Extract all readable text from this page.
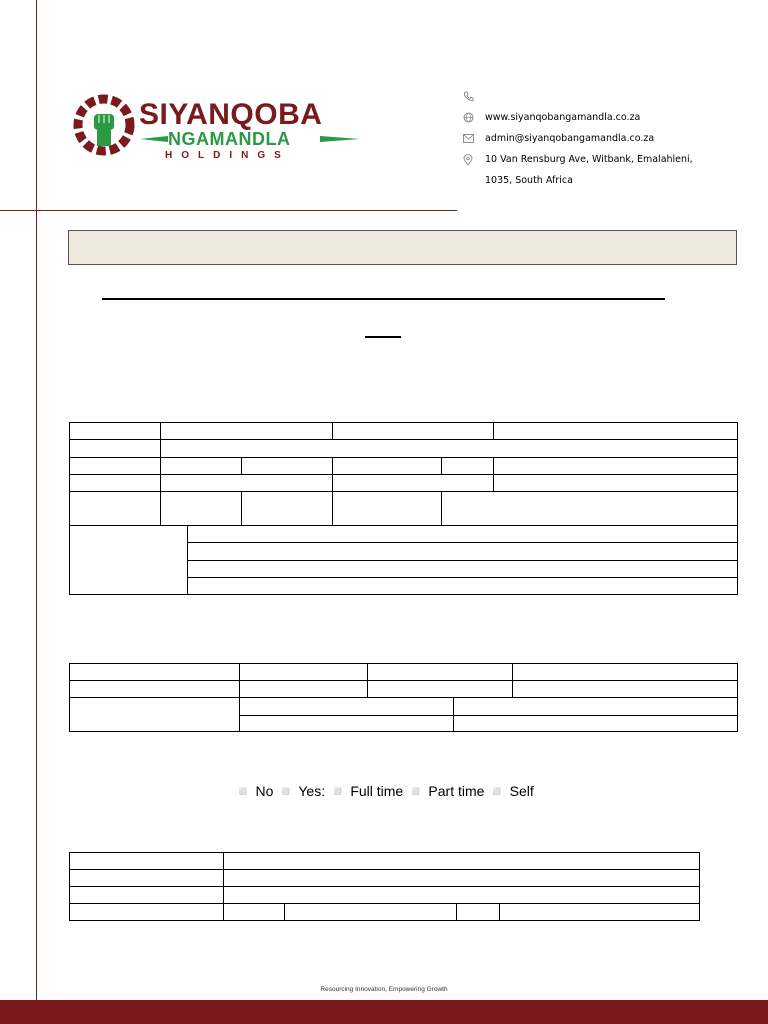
SIYANQOBA
NGAMANDLA
HOLDINGS
www.siyanqobangamandla.co.za
admin@siyanqobangamandla.co.za
10 Van Rensburg Ave, Witbank, Emalahleni,
1035, South Africa

◽ No ◽ Yes: ◽ Full time ◽ Part time ◽ Self

Resourcing Innovation, Empowering Growth
